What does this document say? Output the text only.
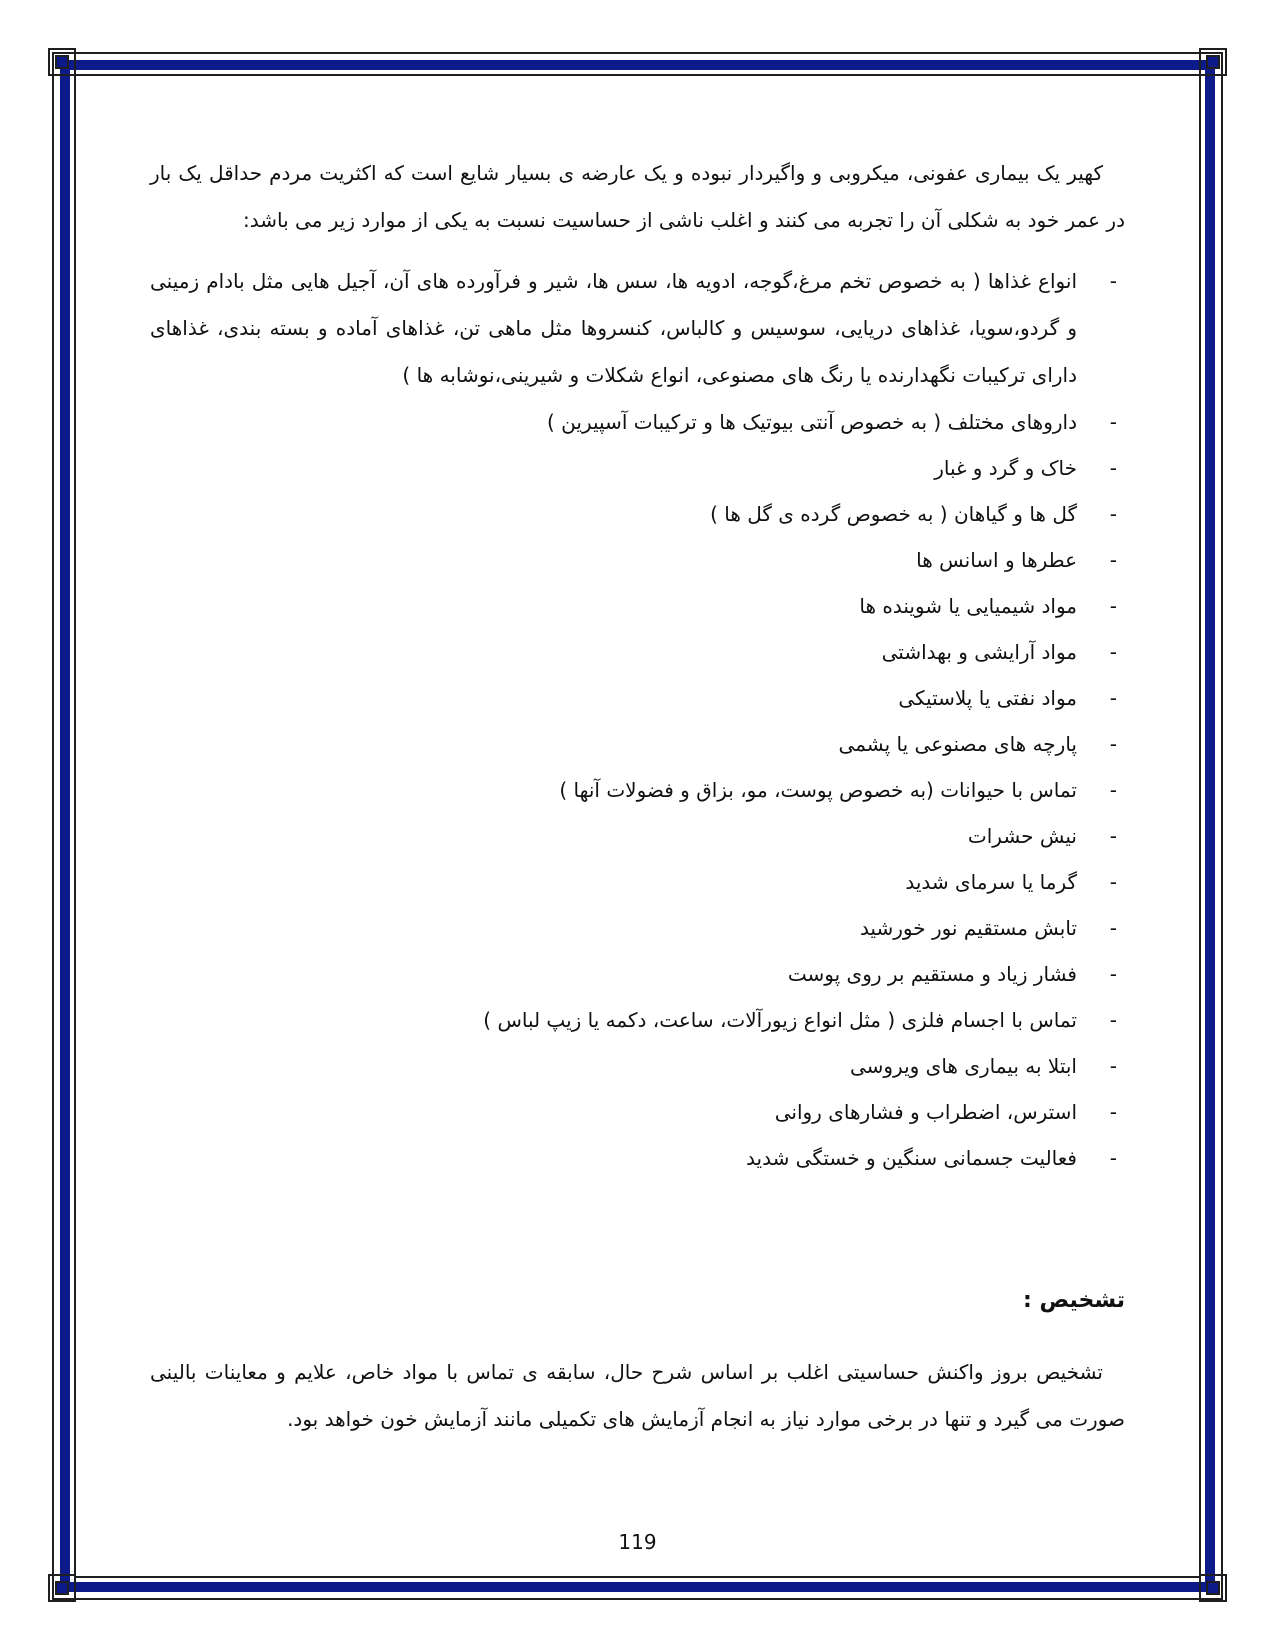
کهیر یک بیماری عفونی، میکروبی و واگیردار نبوده و یک عارضه ی بسیار شایع است که اکثریت مردم حداقل یک بار در عمر خود به شکلی آن را تجربه می کنند و اغلب ناشی از حساسیت نسبت به یکی از موارد زیر می باشد:

-
انواع غذاها ( به خصوص تخم مرغ،گوجه، ادویه ها، سس ها، شیر و فرآورده های آن، آجیل هایی مثل بادام زمینی و گردو،سویا، غذاهای دریایی، سوسیس و کالباس، کنسروها مثل ماهی تن، غذاهای آماده و بسته بندی، غذاهای دارای ترکیبات نگهدارنده یا رنگ های مصنوعی، انواع شکلات و شیرینی،نوشابه ها )
-
داروهای مختلف ( به خصوص آنتی بیوتیک ها و ترکیبات آسپیرین )
-
خاک و گرد و غبار
-
گل ها و گیاهان ( به خصوص گرده ی گل ها )
-
عطرها و اسانس ها
-
مواد شیمیایی یا شوینده ها
-
مواد آرایشی و بهداشتی
-
مواد نفتی یا پلاستیکی
-
پارچه های مصنوعی یا پشمی
-
تماس با حیوانات (به خصوص پوست، مو، بزاق و فضولات آنها )
-
نیش حشرات
-
گرما یا سرمای شدید
-
تابش مستقیم نور خورشید
-
فشار زیاد و مستقیم بر روی پوست
-
تماس با اجسام فلزی ( مثل انواع زیورآلات، ساعت، دکمه یا زیپ لباس )
-
ابتلا به بیماری های ویروسی
-
استرس، اضطراب و فشارهای روانی
-
فعالیت جسمانی سنگین و خستگی شدید
تشخیص :

تشخیص بروز واکنش حساسیتی اغلب بر اساس شرح حال، سابقه ی تماس با مواد خاص، علایم و معاینات بالینی صورت می گیرد و تنها در برخی موارد نیاز به انجام آزمایش های تکمیلی مانند آزمایش خون خواهد بود.

119
